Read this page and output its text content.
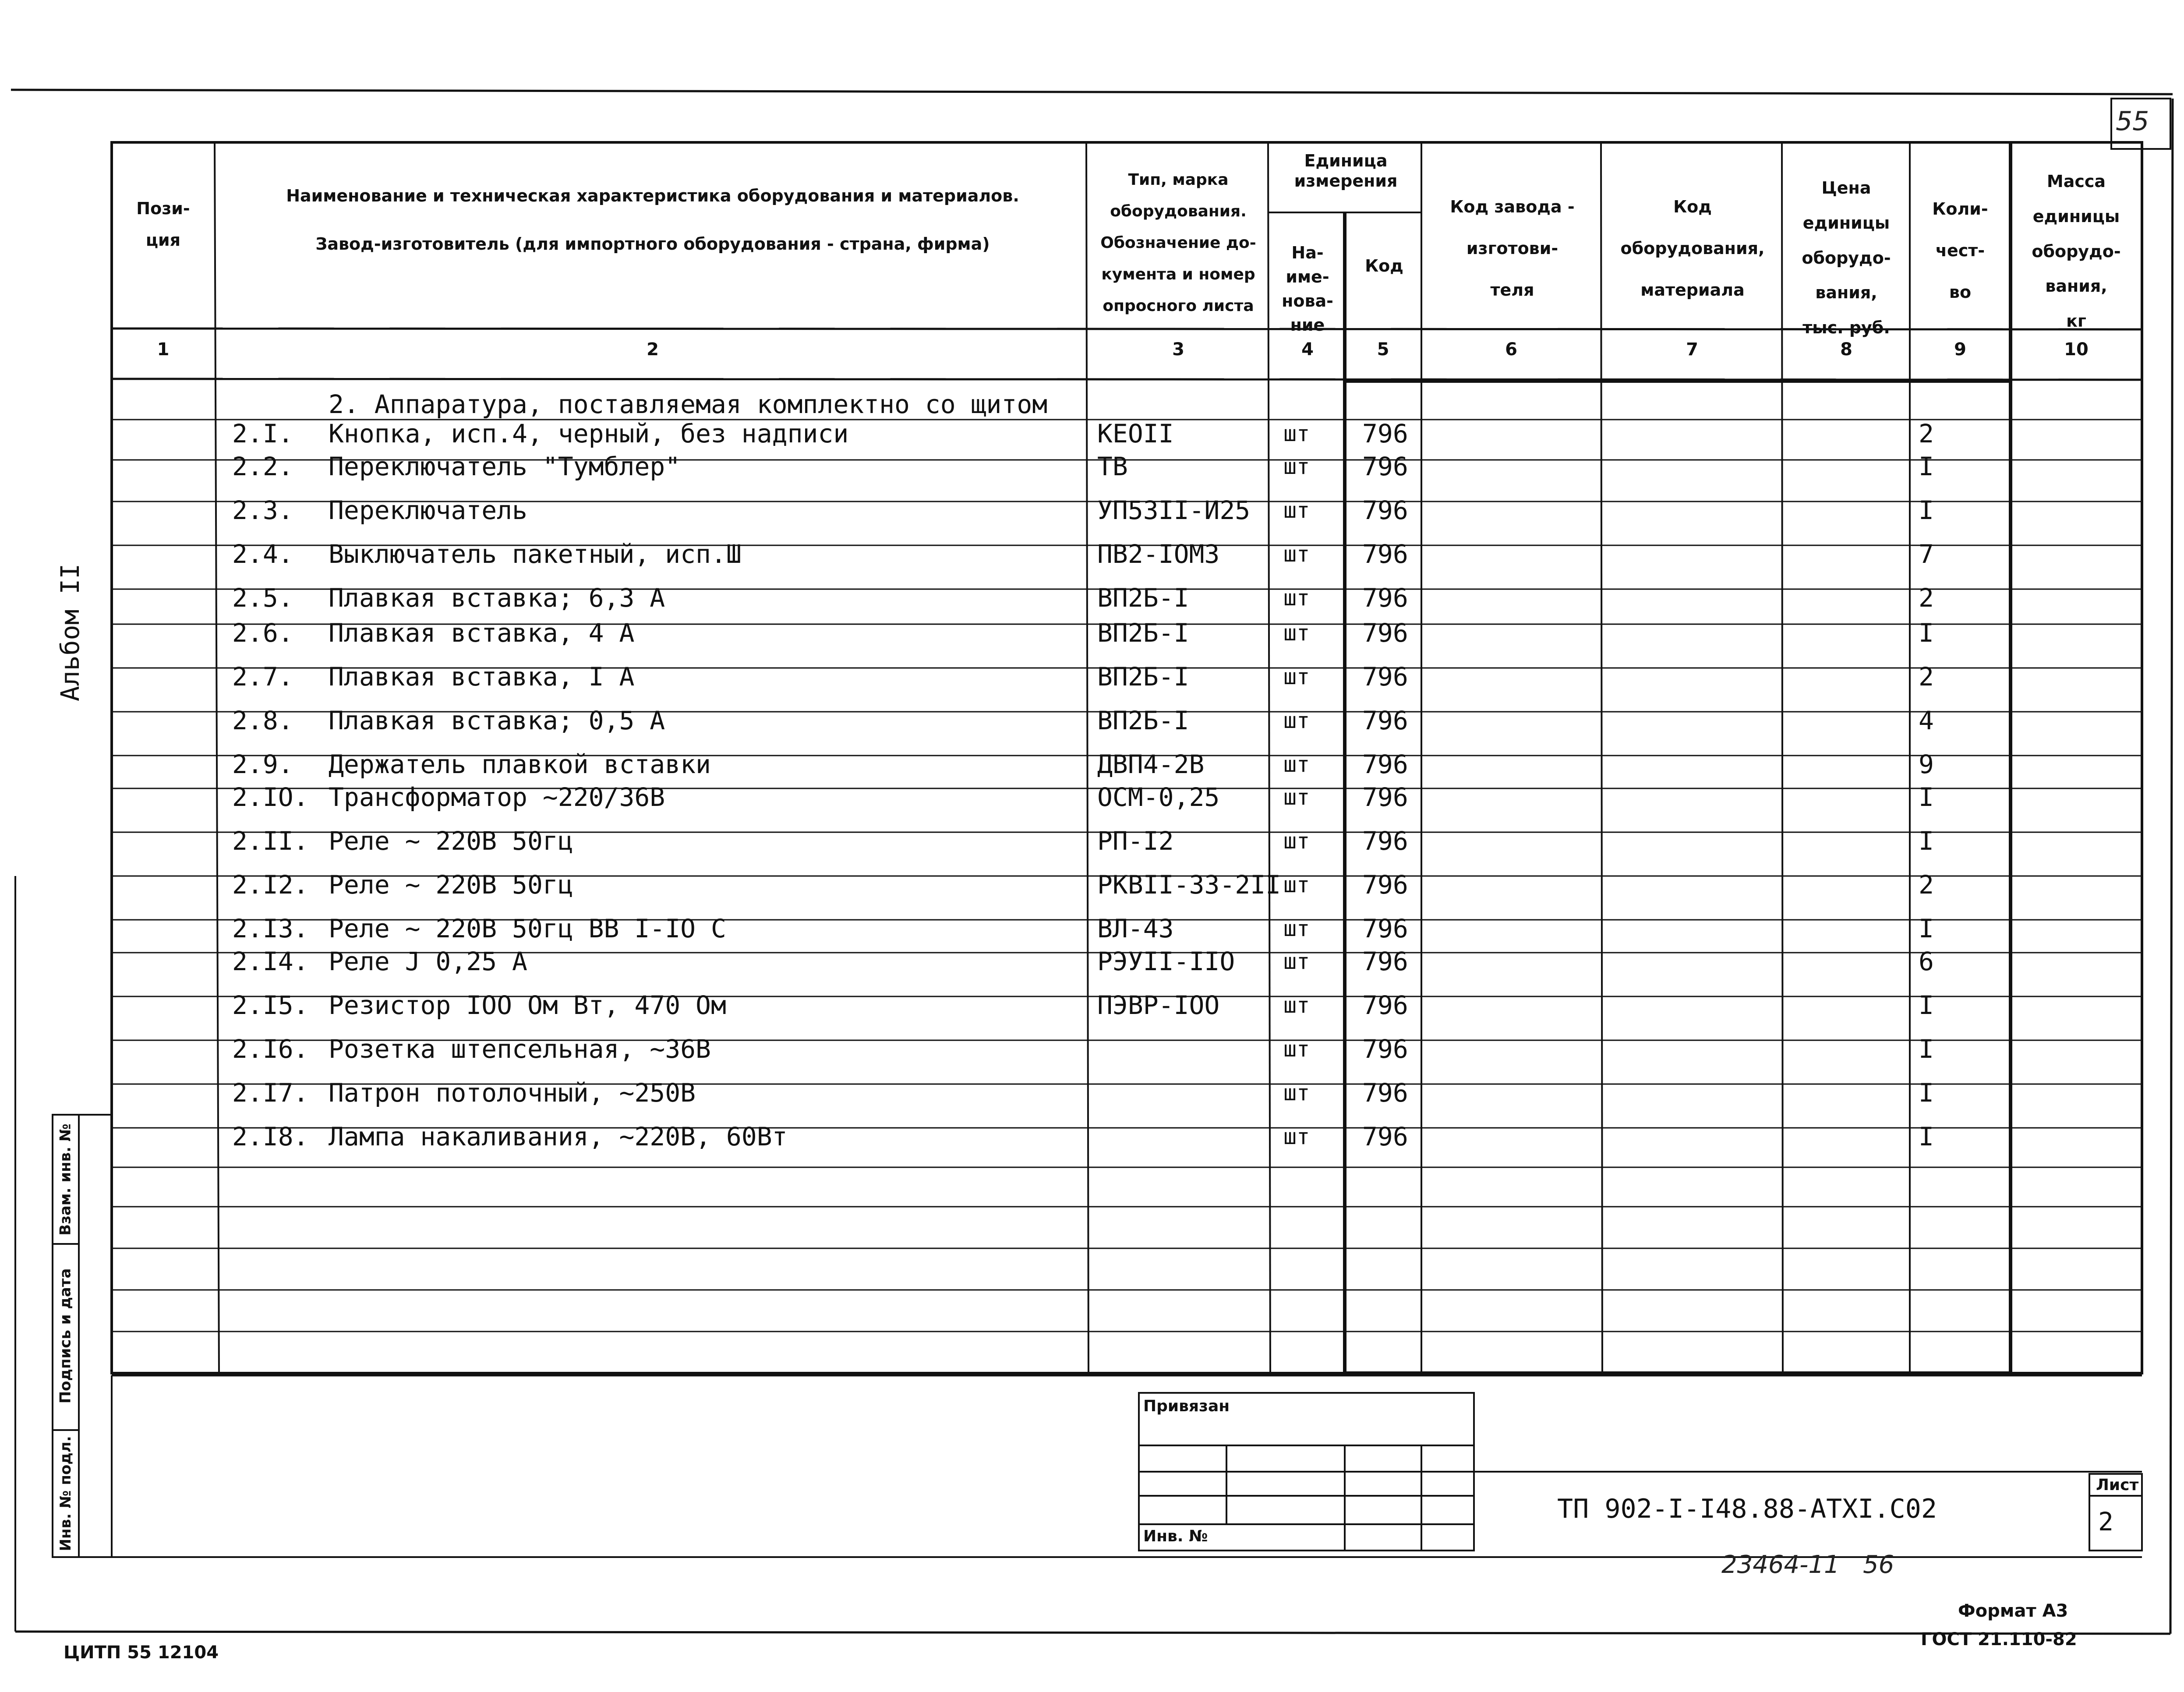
55
Альбом II
Взам. инв. №
Подпись и дата
Инв. № подл.
Пози-
ция
Наименование и техническая характеристика оборудования и материалов.
Завод-изготовитель (для импортного оборудования - страна, фирма)
Тип, марка
оборудования.
Обозначение до-
кумента и номер
опросного листа
Единица
измерения

На-
име-
нова-
ние

Код
Код завода -
изготови-
теля
Код
оборудования,
материала
Цена
единицы
оборудо-
вания,
тыс. руб.
Коли-
чест-
во
Масса
единицы
оборудо-
вания,
кг
1	2	3	4	5	6	7	8	9	10
2. Аппаратура, поставляемая комплектно со щитом
2.I. Кнопка, исп.4, черный, без надписи	КЕОII	шт 796	2
2.2. Переключатель "Тумблер"	ТВ	шт 796	I
2.3. Переключатель	УП53II-И25 шт 796	I
2.4. Выключатель пакетный, исп.Ш	ПВ2-IOМ3	шт 796	7
2.5. Плавкая вставка; 6,3 А	ВП2Б-I	шт 796	2
2.6. Плавкая вставка, 4 А	ВП2Б-I	шт 796	I
2.7. Плавкая вставка, I А	ВП2Б-I	шт 796	2
2.8. Плавкая вставка; 0,5 А	ВП2Б-I	шт 796	4
2.9. Держатель плавкой вставки	ДВП4-2В	шт 796	9
2.IO. Трансформатор ~220/36В	ОСМ-0,25	шт 796	I
2.II. Реле ~ 220В 50гц	РП-I2	шт 796	I
2.I2. Реле ~ 220В 50гц	РКВII-33-2II шт 796	2
2.I3. Реле ~ 220В 50гц ВВ I-IO С	ВЛ-43	шт 796	I
2.I4. Реле J 0,25 А	РЭУII-IIO шт 796	6
2.I5. Резистор IOO Ом Вт, 470 Ом	ПЭВР-IOO	шт 796	I
2.I6. Розетка штепсельная, ~36В	шт 796	I
2.I7. Патрон потолочный, ~250В	шт 796	I
2.I8. Лампа накаливания, ~220В, 60Вт	шт 796	I
Привязан
Инв. №
ТП 902-I-I48.88-АТХI.С02
Лист
2
23464-11   56
ЦИТП 55 12104
Формат А3
ГОСТ 21.110-82
